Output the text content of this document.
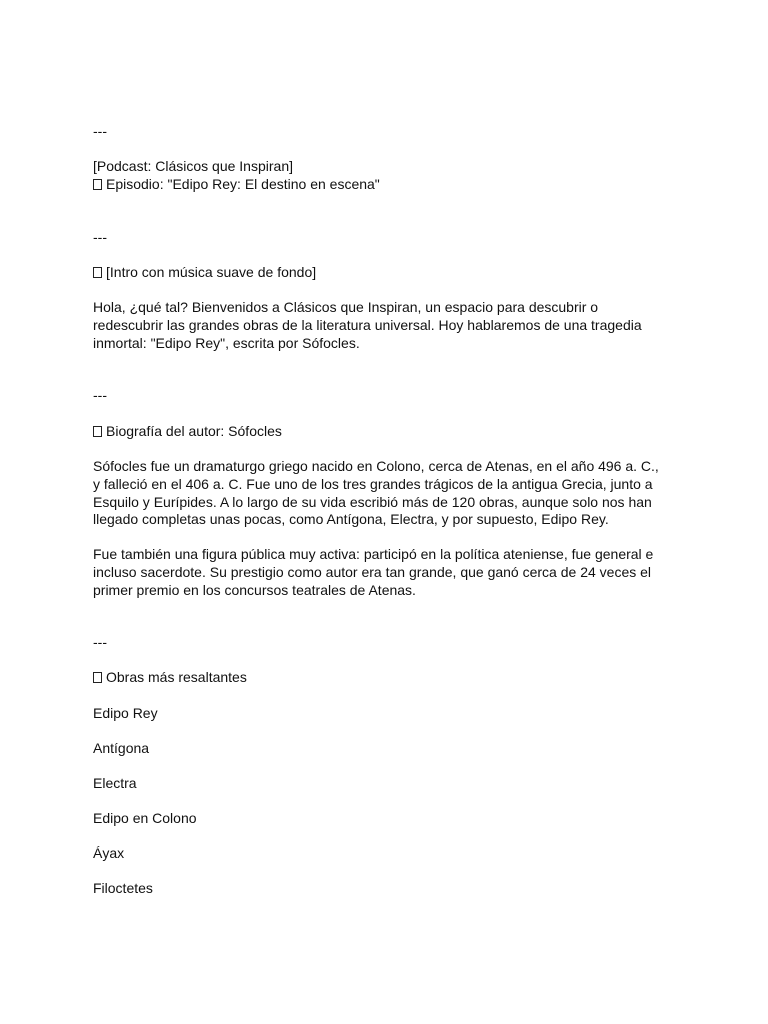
---
[Podcast: Clásicos que Inspiran]
Episodio: "Edipo Rey: El destino en escena"
---
[Intro con música suave de fondo]
Hola, ¿qué tal? Bienvenidos a Clásicos que Inspiran, un espacio para descubrir o
redescubrir las grandes obras de la literatura universal. Hoy hablaremos de una tragedia
inmortal: "Edipo Rey", escrita por Sófocles.
---
Biografía del autor: Sófocles
Sófocles fue un dramaturgo griego nacido en Colono, cerca de Atenas, en el año 496 a. C.,
y falleció en el 406 a. C. Fue uno de los tres grandes trágicos de la antigua Grecia, junto a
Esquilo y Eurípides. A lo largo de su vida escribió más de 120 obras, aunque solo nos han
llegado completas unas pocas, como Antígona, Electra, y por supuesto, Edipo Rey.
Fue también una figura pública muy activa: participó en la política ateniense, fue general e
incluso sacerdote. Su prestigio como autor era tan grande, que ganó cerca de 24 veces el
primer premio en los concursos teatrales de Atenas.
---
Obras más resaltantes
Edipo Rey
Antígona
Electra
Edipo en Colono
Áyax
Filoctetes
